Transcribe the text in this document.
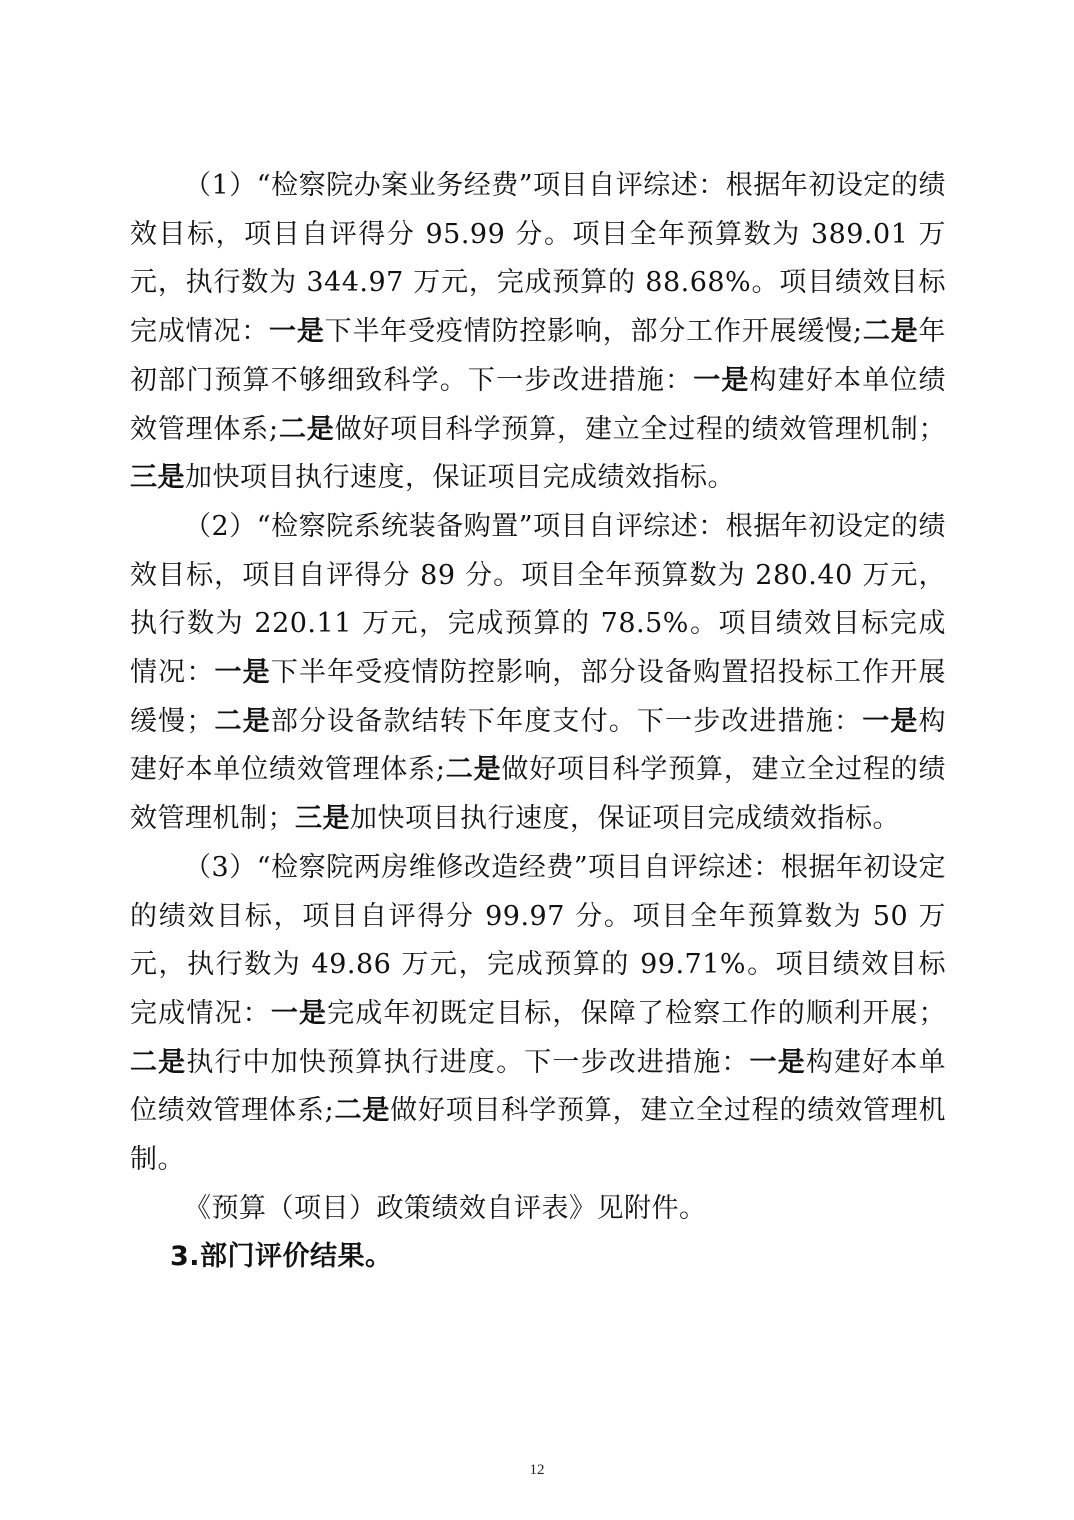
（1）“检察院办案业务经费”项目自评综述：根据年初设定的绩效目标，项目自评得分 95.99 分。项目全年预算数为 389.01 万元，执行数为 344.97 万元，完成预算的 88.68%。项目绩效目标完成情况：一是下半年受疫情防控影响，部分工作开展缓慢;二是年初部门预算不够细致科学。下一步改进措施：一是构建好本单位绩效管理体系;二是做好项目科学预算，建立全过程的绩效管理机制；三是加快项目执行速度，保证项目完成绩效指标。

（2）“检察院系统装备购置”项目自评综述：根据年初设定的绩效目标，项目自评得分 89 分。项目全年预算数为 280.40 万元，执行数为 220.11 万元，完成预算的 78.5%。项目绩效目标完成情况：一是下半年受疫情防控影响，部分设备购置招投标工作开展缓慢；二是部分设备款结转下年度支付。下一步改进措施：一是构建好本单位绩效管理体系;二是做好项目科学预算，建立全过程的绩效管理机制；三是加快项目执行速度，保证项目完成绩效指标。

（3）“检察院两房维修改造经费”项目自评综述：根据年初设定的绩效目标，项目自评得分 99.97 分。项目全年预算数为 50 万元，执行数为 49.86 万元，完成预算的 99.71%。项目绩效目标完成情况：一是完成年初既定目标，保障了检察工作的顺利开展；二是执行中加快预算执行进度。下一步改进措施：一是构建好本单位绩效管理体系;二是做好项目科学预算，建立全过程的绩效管理机制。

《预算（项目）政策绩效自评表》见附件。

3.部门评价结果。

12
